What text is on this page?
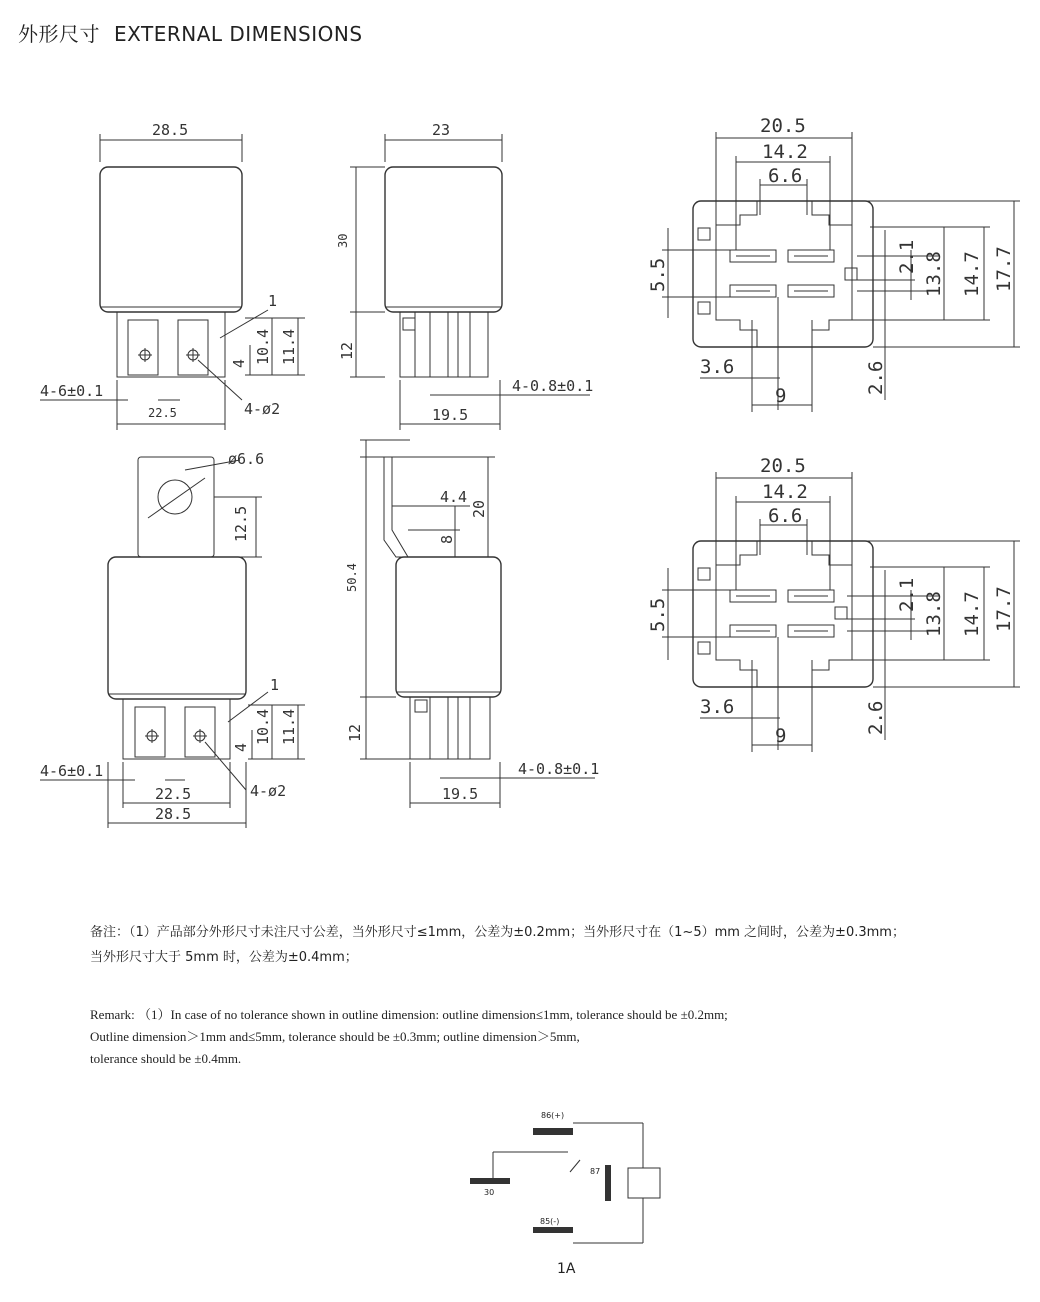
外形尺寸 EXTERNAL DIMENSIONS
28.5
11.4
10.4
4
1
4-6±0.1
22.5	4-ø2
23
30
12
19.5
4-0.8±0.1
ø6.6
12.5
11.4
10.4
4
1
4-6±0.1
4-ø2
22.5
28.5
50.4
12
4.4
8
20
19.5
4-0.8±0.1
20.5
14.2
6.6
17.7
14.7
13.8
2.1
2.6
5.5
3.6
9
20.5
14.2
6.6
17.7
14.7
13.8
2.1
2.6
5.5
3.6
9
86(+)
87
30
85(-)
1A
备注：（1）产品部分外形尺寸未注尺寸公差，当外形尺寸≤1mm，公差为±0.2mm；当外形尺寸在（1~5）mm 之间时，公差为±0.3mm；
当外形尺寸大于 5mm 时，公差为±0.4mm；
Remark: （1）In case of no tolerance shown in outline dimension: outline dimension≤1mm, tolerance should be ±0.2mm;
Outline dimension＞1mm and≤5mm, tolerance should be ±0.3mm; outline dimension＞5mm,
tolerance should be ±0.4mm.
